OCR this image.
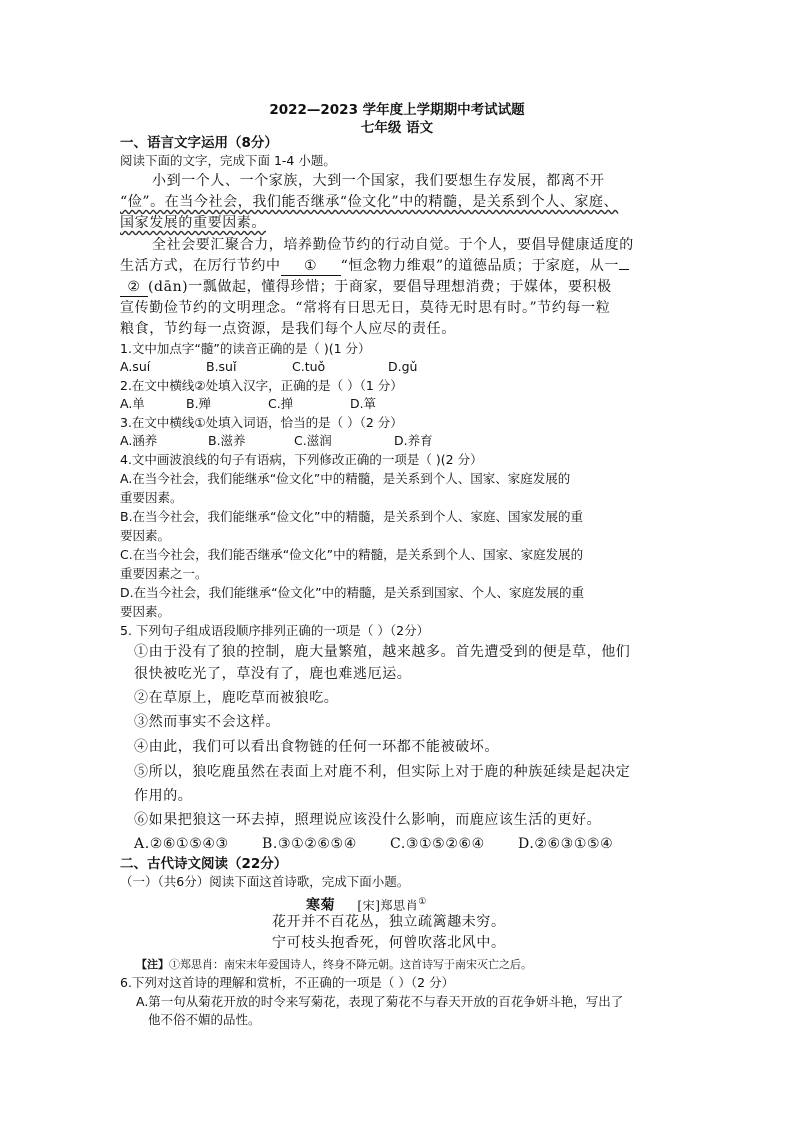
2022—2023 学年度上学期期中考试试题
七年级 语文
一、语言文字运用（8分）
阅读下面的文字，完成下面 1-4 小题。
小到一个人、一个家族，大到一个国家，我们要想生存发展，都离不开
“俭”。在当今社会，我们能否继承“俭文化”中的精髓，是关系到个人、家庭、
国家发展的重要因素。
全社会要汇聚合力，培养勤俭节约的行动自觉。于个人，要倡导健康适度的
生活方式，在厉行节约中 ① “恒念物力维艰”的道德品质；于家庭，从一
② (dān)一瓢做起，懂得珍惜；于商家，要倡导理想消费；于媒体，要积极
宣传勤俭节约的文明理念。“常将有日思无日，莫待无时思有时。”节约每一粒
粮食，节约每一点资源，是我们每个人应尽的责任。
1.文中加点字“髓”的读音正确的是（ )(1 分）
A.suí	B.suǐ	C.tuǒ	D.gǔ
2.在文中横线②处填入汉字，正确的是（ ）（1 分）
A.单	B.殚	C.掸	D.箪
3.在文中横线①处填入词语，恰当的是（ ）（2 分）
A.涵养	B.滋养	C.滋润	D.养育
4.文中画波浪线的句子有语病，下列修改正确的一项是（ )(2 分）
A.在当今社会，我们能继承“俭文化”中的精髓，是关系到个人、国家、家庭发展的
重要因素。
B.在当今社会，我们能继承“俭文化”中的精髓，是关系到个人、家庭、国家发展的重
要因素。
C.在当今社会，我们能否继承“俭文化”中的精髓，是关系到个人、国家、家庭发展的
重要因素之一。
D.在当今社会，我们能继承“俭文化”中的精髓，是关系到国家、个人、家庭发展的重
要因素。
5. 下列句子组成语段顺序排列正确的一项是（ ）（2分）
①由于没有了狼的控制，鹿大量繁殖，越来越多。首先遭受到的便是草，他们
很快被吃光了，草没有了，鹿也难逃厄运。
②在草原上，鹿吃草而被狼吃。
③然而事实不会这样。
④由此，我们可以看出食物链的任何一环都不能被破坏。
⑤所以，狼吃鹿虽然在表面上对鹿不利，但实际上对于鹿的种族延续是起决定
作用的。
⑥如果把狼这一环去掉，照理说应该没什么影响，而鹿应该生活的更好。
A.②⑥①⑤④③ B.③①②⑥⑤④ C.③①⑤②⑥④ D.②⑥③①⑤④
二、古代诗文阅读（22分）
（一）（共6分）阅读下面这首诗歌，完成下面小题。
寒菊 [宋]郑思肖①
花开并不百花丛，独立疏篱趣未穷。
宁可枝头抱香死，何曾吹落北风中。
【注】①郑思肖：南宋末年爱国诗人，终身不降元朝。这首诗写于南宋灭亡之后。
6.下列对这首诗的理解和赏析，不正确的一项是（ ）（2 分）
A.第一句从菊花开放的时令来写菊花，表现了菊花不与春天开放的百花争妍斗艳，写出了
他不俗不媚的品性。
